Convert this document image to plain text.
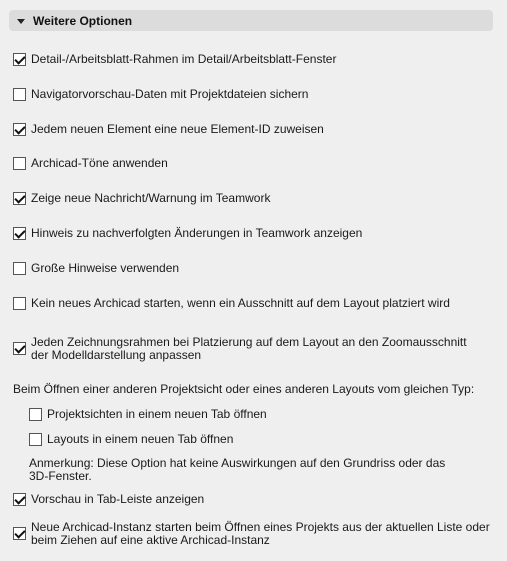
Weitere Optionen
Detail-/Arbeitsblatt-Rahmen im Detail/Arbeitsblatt-Fenster
Navigatorvorschau-Daten mit Projektdateien sichern
Jedem neuen Element eine neue Element-ID zuweisen
Archicad-Töne anwenden
Zeige neue Nachricht/Warnung im Teamwork
Hinweis zu nachverfolgten Änderungen in Teamwork anzeigen
Große Hinweise verwenden
Kein neues Archicad starten, wenn ein Ausschnitt auf dem Layout platziert wird
Jeden Zeichnungsrahmen bei Platzierung auf dem Layout an den Zoomausschnitt der Modelldarstellung anpassen
Beim Öffnen einer anderen Projektsicht oder eines anderen Layouts vom gleichen Typ:
Projektsichten in einem neuen Tab öffnen
Layouts in einem neuen Tab öffnen
Anmerkung: Diese Option hat keine Auswirkungen auf den Grundriss oder das 3D-Fenster.
Vorschau in Tab-Leiste anzeigen
Neue Archicad-Instanz starten beim Öffnen eines Projekts aus der aktuellen Liste oder beim Ziehen auf eine aktive Archicad-Instanz
